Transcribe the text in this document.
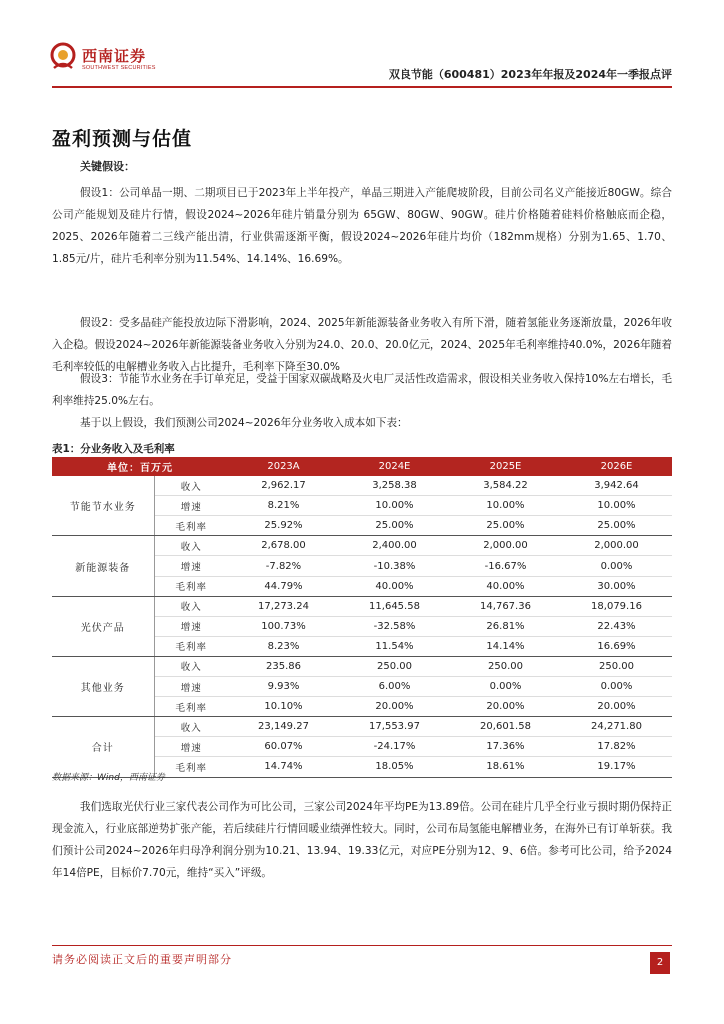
西南证券
SOUTHWEST SECURITIES	双良节能（600481）2023年年报及2024年一季报点评
盈利预测与估值
关键假设：
假设1：公司单晶一期、二期项目已于2023年上半年投产，单晶三期进入产能爬坡阶段，目前公司名义产能接近80GW。综合公司产能规划及硅片行情，假设2024~2026年硅片销量分别为 65GW、80GW、90GW。硅片价格随着硅料价格触底而企稳，2025、2026年随着二三线产能出清，行业供需逐渐平衡，假设2024~2026年硅片均价（182mm规格）分别为1.65、1.70、1.85元/片，硅片毛利率分别为11.54%、14.14%、16.69%。
假设2：受多晶硅产能投放边际下滑影响，2024、2025年新能源装备业务收入有所下滑，随着氢能业务逐渐放量，2026年收入企稳。假设2024~2026年新能源装备业务收入分别为24.0、20.0、20.0亿元，2024、2025年毛利率维持40.0%，2026年随着毛利率较低的电解槽业务收入占比提升，毛利率下降至30.0%
假设3：节能节水业务在手订单充足，受益于国家双碳战略及火电厂灵活性改造需求，假设相关业务收入保持10%左右增长，毛利率维持25.0%左右。
基于以上假设，我们预测公司2024~2026年分业务收入成本如下表：
表1：分业务收入及毛利率
单位：百万元		2023A	2024E	2025E	2026E
节能节水业务	收入	2,962.17	3,258.38	3,584.22	3,942.64
	增速	8.21%	10.00%	10.00%	10.00%
	毛利率	25.92%	25.00%	25.00%	25.00%
新能源装备	收入	2,678.00	2,400.00	2,000.00	2,000.00
	增速	-7.82%	-10.38%	-16.67%	0.00%
	毛利率	44.79%	40.00%	40.00%	30.00%
光伏产品	收入	17,273.24	11,645.58	14,767.36	18,079.16
	增速	100.73%	-32.58%	26.81%	22.43%
	毛利率	8.23%	11.54%	14.14%	16.69%
其他业务	收入	235.86	250.00	250.00	250.00
	增速	9.93%	6.00%	0.00%	0.00%
	毛利率	10.10%	20.00%	20.00%	20.00%
合计	收入	23,149.27	17,553.97	20,601.58	24,271.80
	增速	60.07%	-24.17%	17.36%	17.82%
	毛利率	14.74%	18.05%	18.61%	19.17%
数据来源：Wind，西南证券
我们选取光伏行业三家代表公司作为可比公司，三家公司2024年平均PE为13.89倍。公司在硅片几乎全行业亏损时期仍保持正现金流入，行业底部逆势扩张产能，若后续硅片行情回暖业绩弹性较大。同时，公司布局氢能电解槽业务，在海外已有订单斩获。我们预计公司2024~2026年归母净利润分别为10.21、13.94、19.33亿元，对应PE分别为12、9、6倍。参考可比公司，给予2024年14倍PE，目标价7.70元，维持“买入”评级。
请务必阅读正文后的重要声明部分	2
